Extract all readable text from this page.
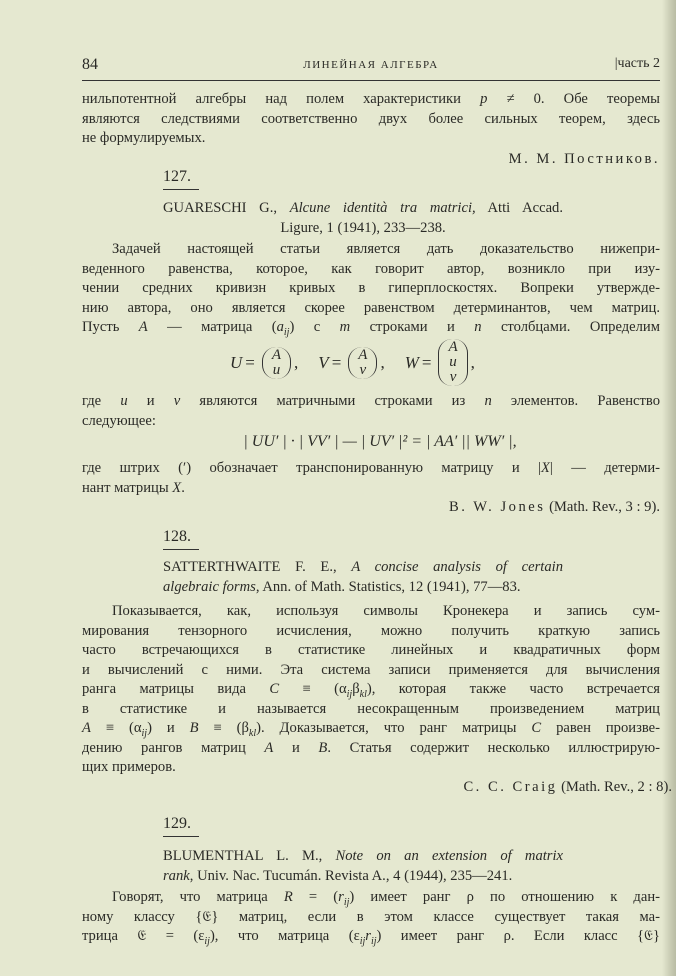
84	ЛИНЕЙНАЯ АЛГЕБРА	|часть 2
нильпотентной алгебры над полем характеристики p ≠ 0. Обе теоремы
являются следствиями соответственно двух более сильных теорем, здесь
не формулируемых.
М. М. Постников.
127.
GUARESCHI G., Alcune identità tra matrici, Atti Accad.
Ligure, 1 (1941), 233—238.
Задачей настоящей статьи является дать доказательство нижепри-
веденного равенства, которое, как говорит автор, возникло при изу-
чении средних кривизн кривых в гиперплоскостях. Вопреки утвержде-
нию автора, оно является скорее равенством детерминантов, чем матриц.
Пусть A — матрица $(a_{ij})$ с m строками и n столбцами. Определим
U = A
u , V = A
v , W =
A
u
v
,
где u и v являются матричными строками из n элементов. Равенство
следующее:
| UU′ | · | VV′ | — | UV′ |² = | AA′ || WW′ |,
где штрих (′) обозначает транспонированную матрицу и |X| — детерми-
нант матрицы X.
B. W. Jones (Math. Rev., 3 : 9).
128.
SATTERTHWAITE F. E., A concise analysis of certain
algebraic forms, Ann. of Math. Statistics, 12 (1941), 77—83.
Показывается, как, используя символы Кронекера и запись сум-
мирования тензорного исчисления, можно получить краткую запись
часто встречающихся в статистике линейных и квадратичных форм
и вычислений с ними. Эта система записи применяется для вычисления
ранга матрицы вида $C \equiv (\alpha_{ij}\beta_{kl})$, которая также часто встречается
в статистике и называется несокращенным произведением матриц
$A \equiv (\alpha_{ij})$ и $B \equiv (\beta_{kl})$. Доказывается, что ранг матрицы C равен произве-
дению рангов матриц A и B. Статья содержит несколько иллюстрирую-
щих примеров.
C. C. Craig (Math. Rev., 2 : 8).
129.
BLUMENTHAL L. M., Note on an extension of matrix
rank, Univ. Nac. Tucumán. Revista A., 4 (1944), 235—241.
Говорят, что матрица $R = (r_{ij})$ имеет ранг ρ по отношению к дан-
ному классу {𝔈} матриц, если в этом классе существует такая ма-
трица 𝔈 = $(\varepsilon_{ij})$, что матрица $(\varepsilon_{ij}r_{ij})$ имеет ранг ρ. Если класс {𝔈}
